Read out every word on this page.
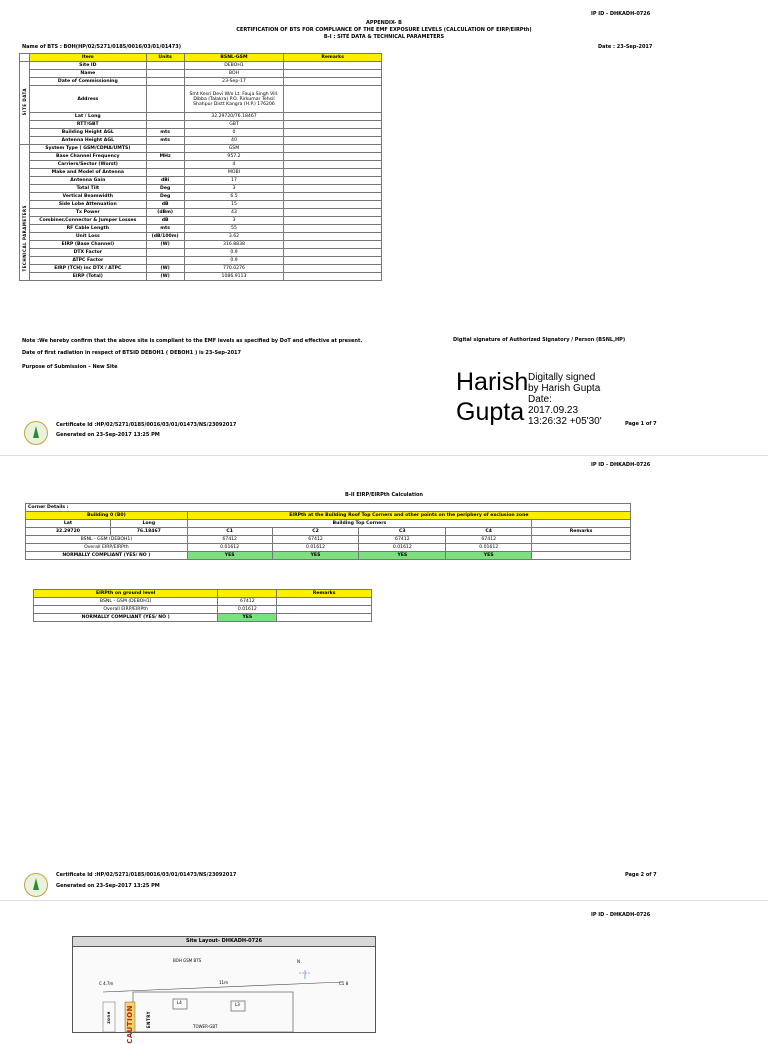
IP ID - DHKADH-0726
APPENDIX- B
CERTIFICATION OF BTS FOR COMPLIANCE OF THE EMF EXPOSURE LEVELS (CALCULATION OF EIRP/EIRPth)
B-I : SITE DATA & TECHNICAL PARAMETERS
Name of BTS : BOH(HP/02/5271/0185/0016/03/01/01473)	Date : 23-Sep-2017
SITE DATA
TECHNICAL PARAMETERS
	Item	Units	BSNL-GSM	Remarks
	Site ID		DEBOH1	
	Name		BOH	
	Date of Commissioning		23-Sep-17	
	Address		Smt Kesri Devi W/o Lt. Fauja Singh Vill. Dibba (Talakra) P.O. Rirkumar Tehsil Shahpur Distt Kangra (H.P.) 176206	
	Lat / Long		32.29720/76.18467	
	RTT/GBT		GBT	
	Building Height AGL	mts	0	
	Antenna Height AGL	mts	40	
	System Type ( GSM/CDMA/UMTS)		GSM	
	Base Channel Frequency	MHz	957.2	
	Carriers/Sector (Worst)		4	
	Make and Model of Antenna		MOBI	
	Antenna Gain	dBi	17	
	Total Tilt	Deg	3	
	Vertical Beamwidth	Deg	6.5	
	Side Lobe Attenuation	dB	15	
	Tx Power	(dBm)	43	
	Combiner,Connector & Jumper Losses	dB	3	
	RF Cable Length	mts	55	
	Unit Loss	(dB/100m)	3.62	
	EIRP (Base Channel)	(W)	316.8838	
	DTX Factor		0.9	
	ATPC Factor		0.9	
	EIRP (TCH) inc DTX / ATPC	(W)	770.0276	
	EIRP (Total)	(W)	1086.9113	
Note :We hereby confirm that the above site is compliant to the EMF levels as specified by DoT and effective at present.	Digital signature of Authorized Signatory / Person (BSNL,HP)
Date of first radiation in respect of BTSID DEBOH1 ( DEBOH1 ) is 23-Sep-2017
Purpose of Submission – New Site
Harish
Gupta
Digitally signed
by Harish Gupta
Date:
2017.09.23
13:26:32 +05'30'	Page 1 of 7
Certificate Id :HP/02/5271/0185/0016/03/01/01473/NS/23092017
Generated on 23-Sep-2017 13:25 PM
IP ID - DHKADH-0726
B-II EIRP/EIRPth Calculation
Corner Details :						
Building 0 (B0)		EIRPth at the Building Roof Top Corners and other points on the periphery of exclusion zone				
Lat	Long	Building Top Corners				
32.29720	76.18467	C1	C2	C3	C4	Remarks
BSNL - GSM (DEBOH1)		67412	67412	67412	67412	
Overall EIRP/EIRPth		0.01612	0.01612	0.01612	0.01612	
NORMALLY COMPLIANT (YES/ NO )		YES	YES	YES	YES	
EIRPth on ground level		Remarks
BSNL - GSM (DEBOH1)	67412	
Overall EIRP/EIRPth	0.01612	
NORMALLY COMPLIANT (YES/ NO )	YES	
Certificate Id :HP/02/5271/0185/0016/03/01/01473/NS/23092017
Generated on 23-Sep-2017 13:25 PM
Page 2 of 7
IP ID - DHKADH-0726
Site Layout- DHKADH-0726
BOH GSM BTS	N
11m
C 4.7m	C1 8
L4	L3
TOWER-GBT
CAUTION	ENTRY
zone
